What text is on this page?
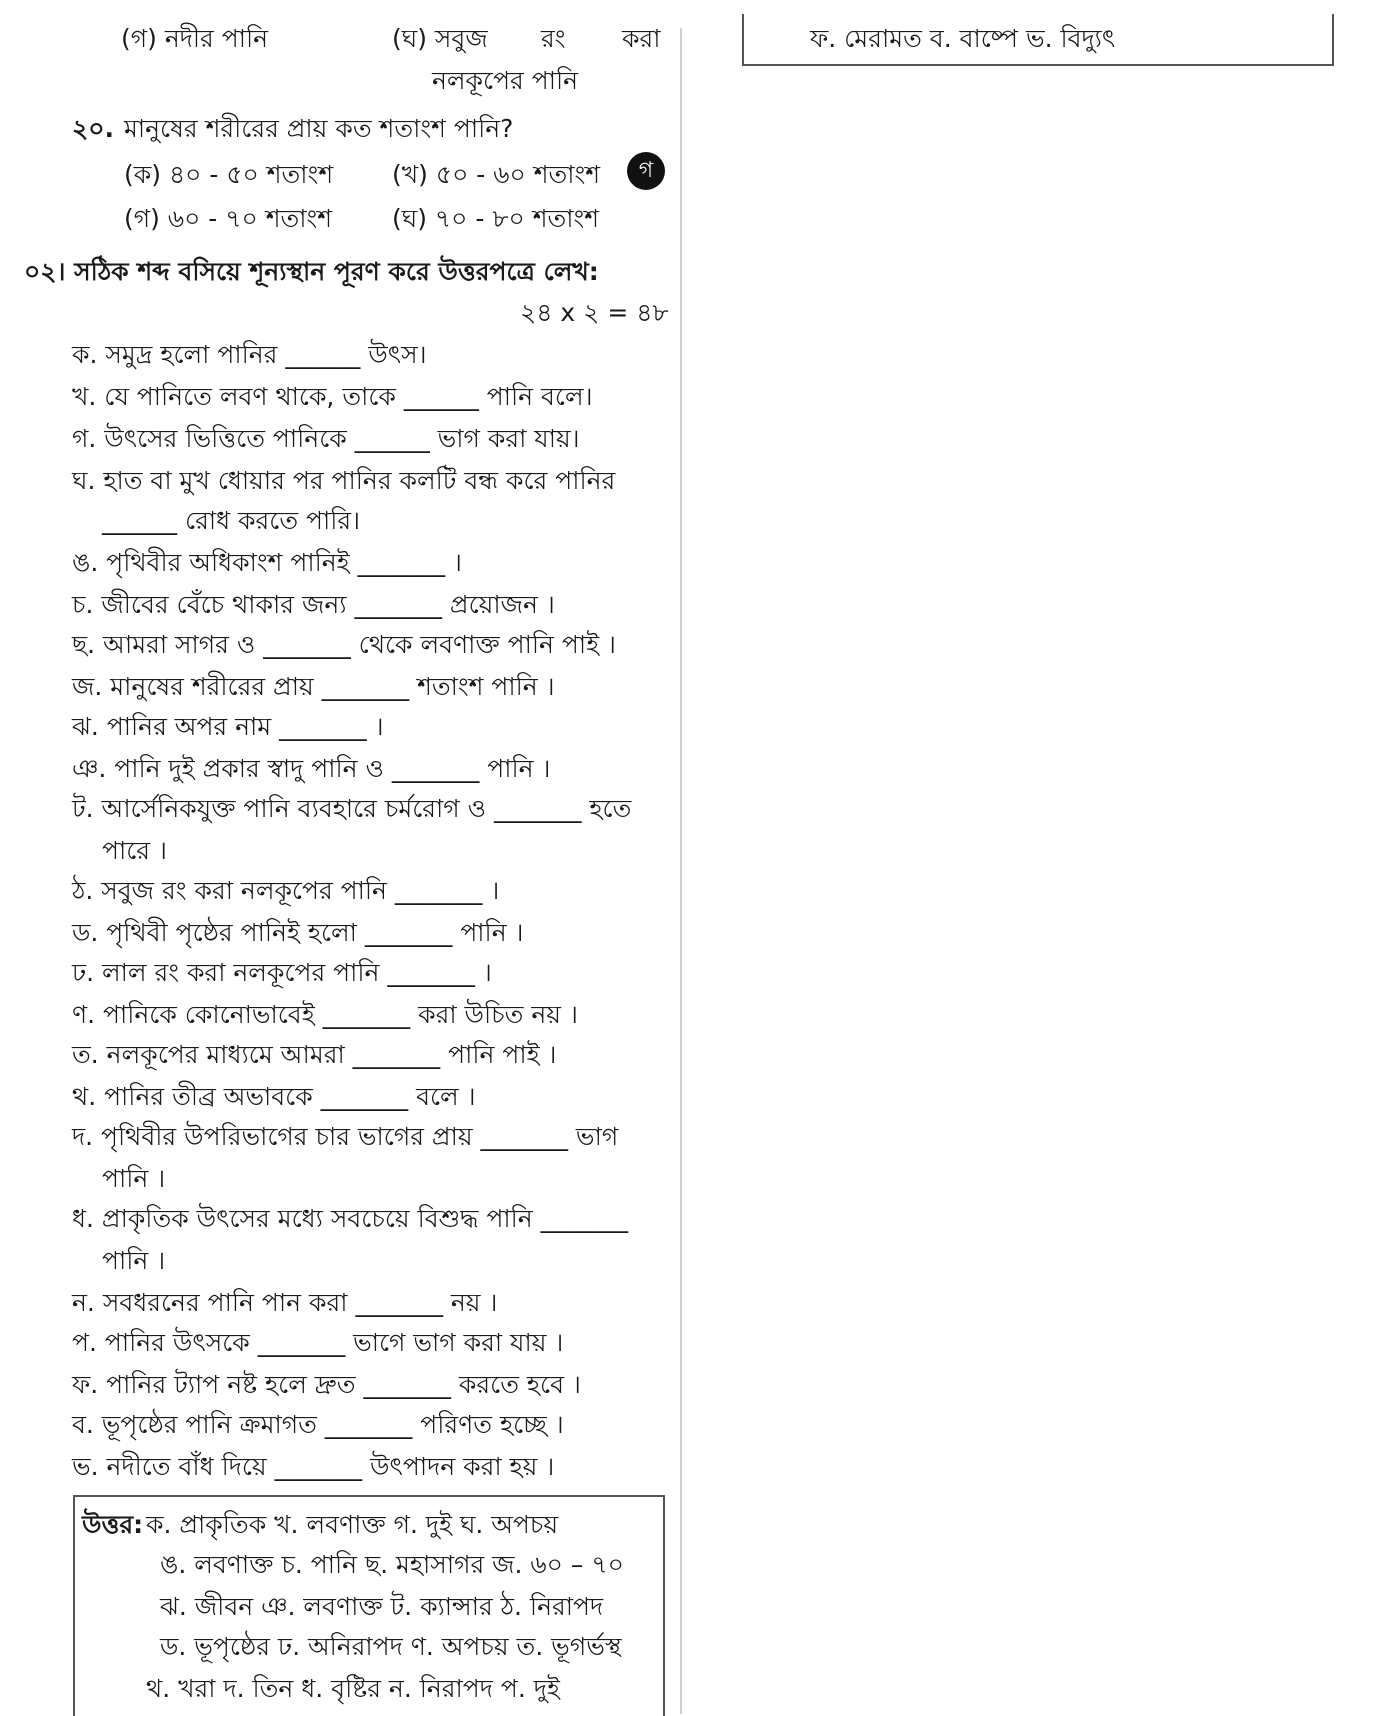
(গ) নদীর পানি	(ঘ) সবুজ রং করা
নলকূপের পানি
২০. মানুষের শরীরের প্রায় কত শতাংশ পানি?
(ক) ৪০ - ৫০ শতাংশ (খ) ৫০ - ৬০ শতাংশ	গ
(গ) ৬০ - ৭০ শতাংশ (ঘ) ৭০ - ৮০ শতাংশ
০২। সঠিক শব্দ বসিয়ে শূন্যস্থান পূরণ করে উত্তরপত্রে লেখ:
২৪ x ২ = ৪৮
ক. সমুদ্র হলো পানির ______ উৎস।
খ. যে পানিতে লবণ থাকে, তাকে ______ পানি বলে।
গ. উৎসের ভিত্তিতে পানিকে ______ ভাগ করা যায়।
ঘ. হাত বা মুখ ধোয়ার পর পানির কলটি বন্ধ করে পানির
______ রোধ করতে পারি।
ঙ. পৃথিবীর অধিকাংশ পানিই _______ ।
চ. জীবের বেঁচে থাকার জন্য _______ প্রয়োজন ।
ছ. আমরা সাগর ও _______ থেকে লবণাক্ত পানি পাই ।
জ. মানুষের শরীরের প্রায় _______ শতাংশ পানি ।
ঝ. পানির অপর নাম _______ ।
ঞ. পানি দুই প্রকার স্বাদু পানি ও _______ পানি ।
ট. আর্সেনিকযুক্ত পানি ব্যবহারে চর্মরোগ ও _______ হতে
পারে ।
ঠ. সবুজ রং করা নলকূপের পানি _______ ।
ড. পৃথিবী পৃষ্ঠের পানিই হলো _______ পানি ।
ঢ. লাল রং করা নলকূপের পানি _______ ।
ণ. পানিকে কোনোভাবেই _______ করা উচিত নয় ।
ত. নলকূপের মাধ্যমে আমরা _______ পানি পাই ।
থ. পানির তীব্র অভাবকে _______ বলে ।
দ. পৃথিবীর উপরিভাগের চার ভাগের প্রায় _______ ভাগ
পানি ।
ধ. প্রাকৃতিক উৎসের মধ্যে সবচেয়ে বিশুদ্ধ পানি _______
পানি ।
ন. সবধরনের পানি পান করা _______ নয় ।
প. পানির উৎসকে _______ ভাগে ভাগ করা যায় ।
ফ. পানির ট্যাপ নষ্ট হলে দ্রুত _______ করতে হবে ।
ব. ভূপৃষ্ঠের পানি ক্রমাগত _______ পরিণত হচ্ছে ।
ভ. নদীতে বাঁধ দিয়ে _______ উৎপাদন করা হয় ।
উত্তর: ক. প্রাকৃতিক খ. লবণাক্ত গ. দুই ঘ. অপচয়
ঙ. লবণাক্ত চ. পানি ছ. মহাসাগর জ. ৬০ – ৭০
ঝ. জীবন ঞ. লবণাক্ত ট. ক্যান্সার ঠ. নিরাপদ
ড. ভূপৃষ্ঠের ঢ. অনিরাপদ ণ. অপচয় ত. ভূগর্ভস্থ
থ. খরা দ. তিন ধ. বৃষ্টির ন. নিরাপদ প. দুই
ফ. মেরামত ব. বাষ্পে ভ. বিদ্যুৎ
